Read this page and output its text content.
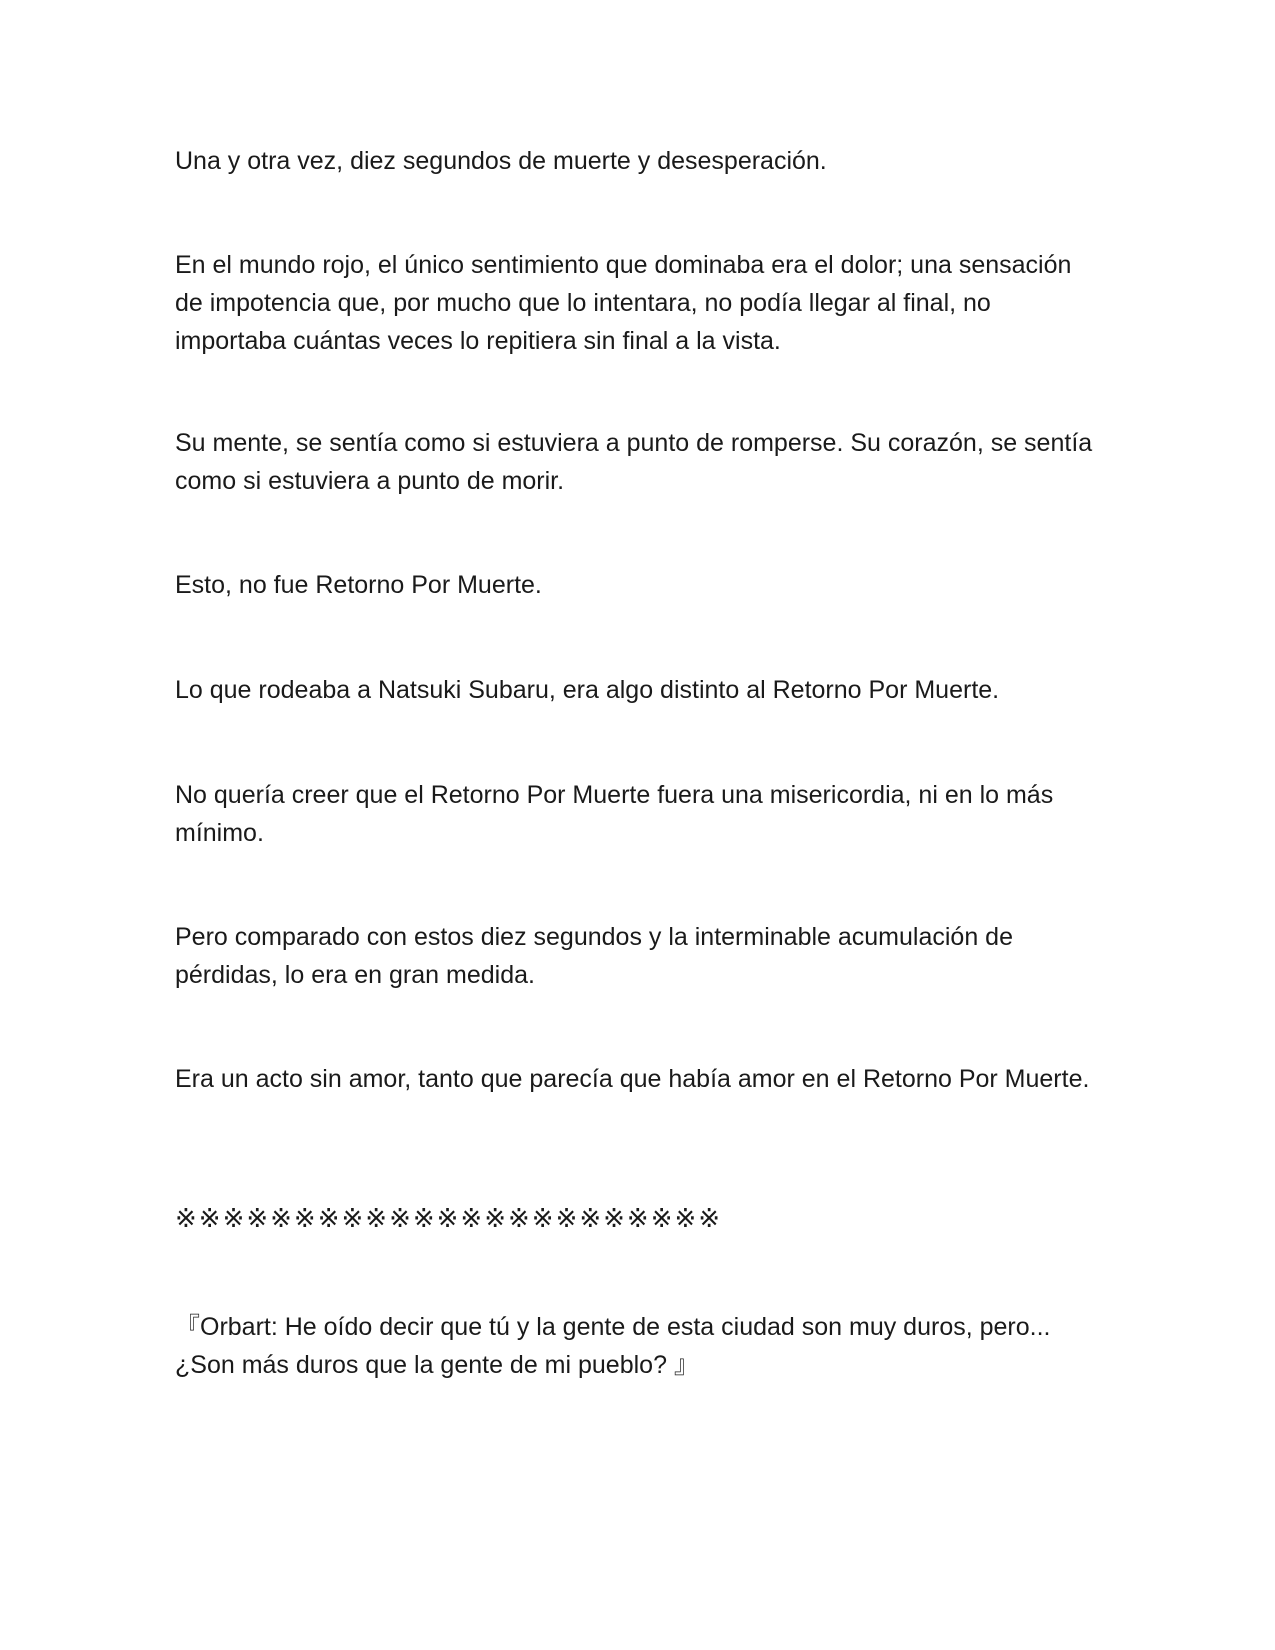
Una y otra vez, diez segundos de muerte y desesperación.

En el mundo rojo, el único sentimiento que dominaba era el dolor; una sensación de impotencia que, por mucho que lo intentara, no podía llegar al final, no importaba cuántas veces lo repitiera sin final a la vista.

Su mente, se sentía como si estuviera a punto de romperse. Su corazón, se sentía como si estuviera a punto de morir.

Esto, no fue Retorno Por Muerte.

Lo que rodeaba a Natsuki Subaru, era algo distinto al Retorno Por Muerte.

No quería creer que el Retorno Por Muerte fuera una misericordia, ni en lo más mínimo.

Pero comparado con estos diez segundos y la interminable acumulación de pérdidas, lo era en gran medida.

Era un acto sin amor, tanto que parecía que había amor en el Retorno Por Muerte.

※※※※※※※※※※※※※※※※※※※※※※※

『Orbart: He oído decir que tú y la gente de esta ciudad son muy duros, pero... ¿Son más duros que la gente de mi pueblo? 』
